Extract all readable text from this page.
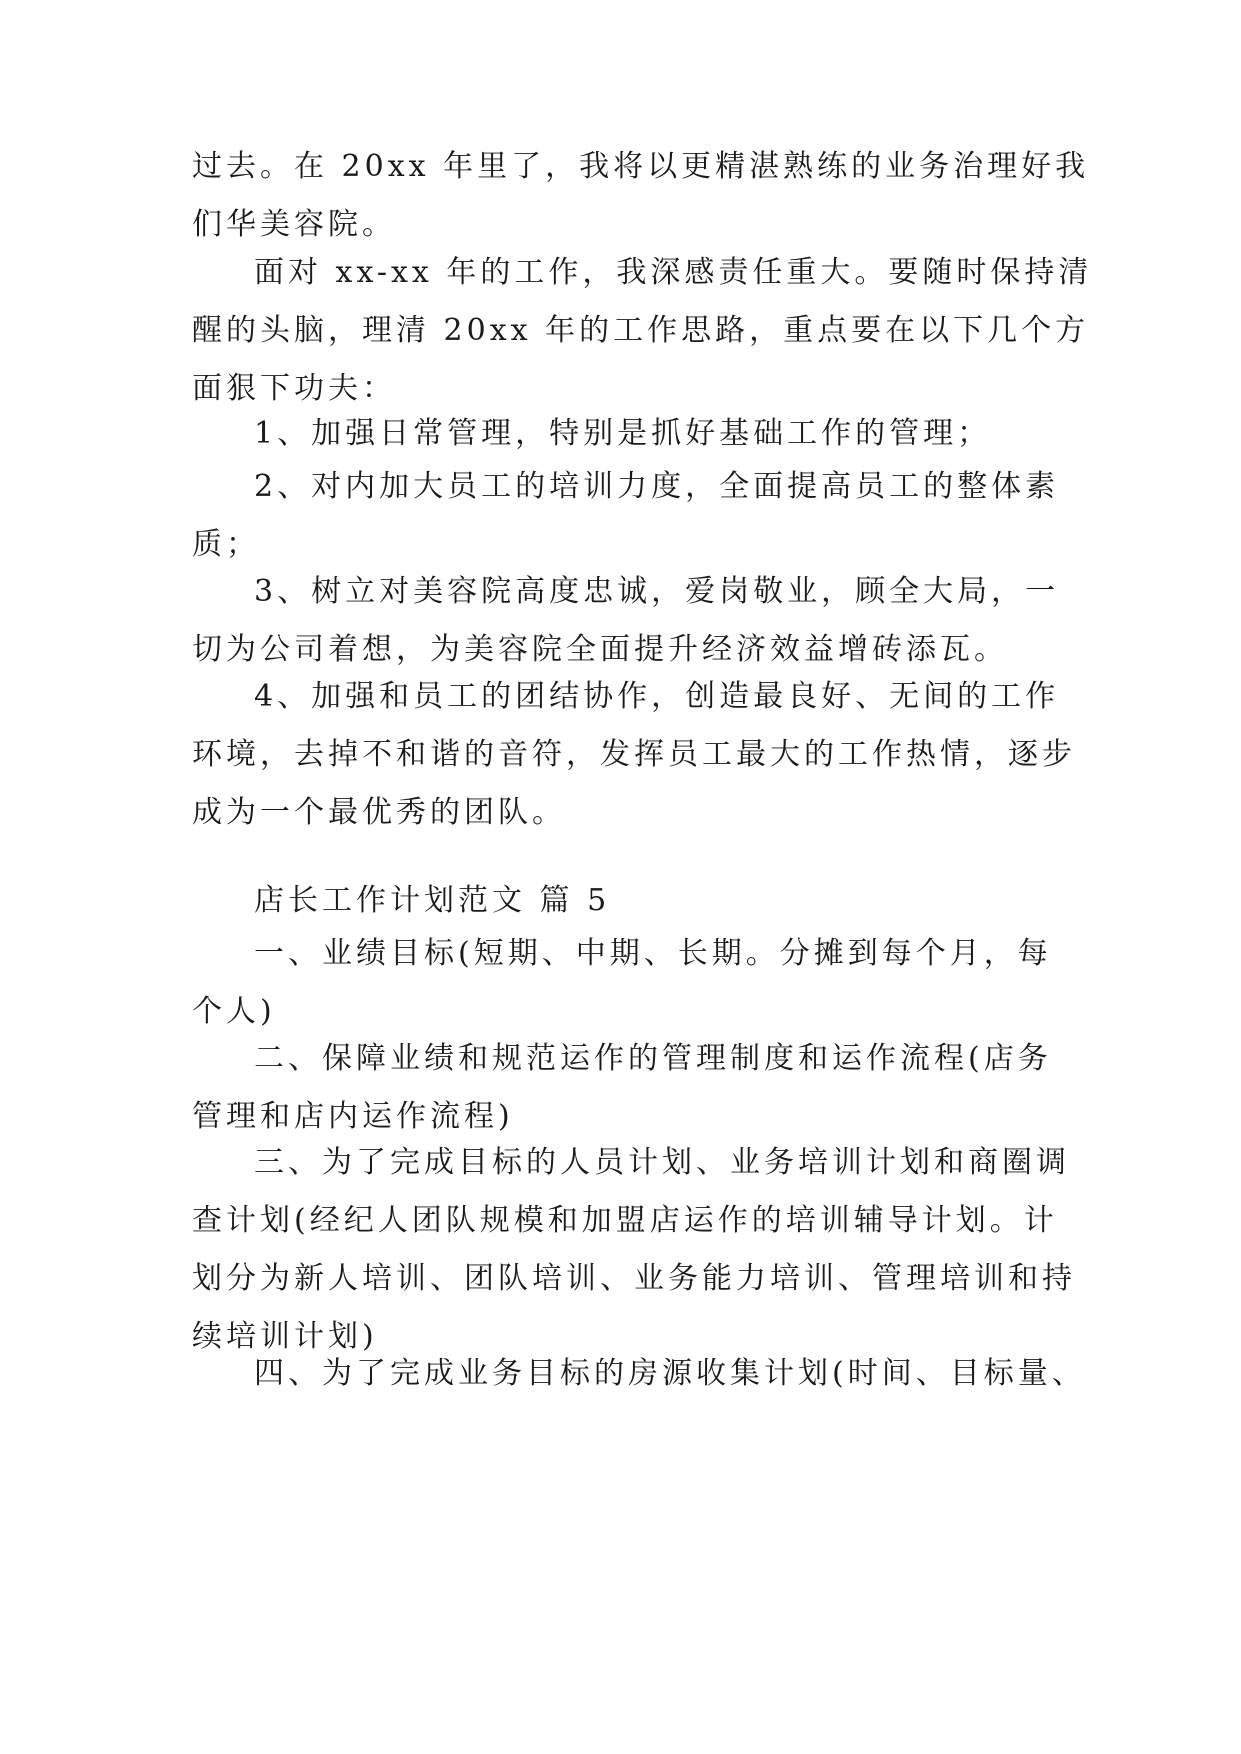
过去。在 20xx 年里了，我将以更精湛熟练的业务治理好我
们华美容院。
面对 xx-xx 年的工作，我深感责任重大。要随时保持清
醒的头脑，理清 20xx 年的工作思路，重点要在以下几个方
面狠下功夫：
1、加强日常管理，特别是抓好基础工作的管理；
2、对内加大员工的培训力度，全面提高员工的整体素
质；
3、树立对美容院高度忠诚，爱岗敬业，顾全大局，一
切为公司着想，为美容院全面提升经济效益增砖添瓦。
4、加强和员工的团结协作，创造最良好、无间的工作
环境，去掉不和谐的音符，发挥员工最大的工作热情，逐步
成为一个最优秀的团队。
店长工作计划范文 篇 5
一、业绩目标(短期、中期、长期。分摊到每个月，每
个人)
二、保障业绩和规范运作的管理制度和运作流程(店务
管理和店内运作流程)
三、为了完成目标的人员计划、业务培训计划和商圈调
查计划(经纪人团队规模和加盟店运作的培训辅导计划。计
划分为新人培训、团队培训、业务能力培训、管理培训和持
续培训计划)
四、为了完成业务目标的房源收集计划(时间、目标量、
